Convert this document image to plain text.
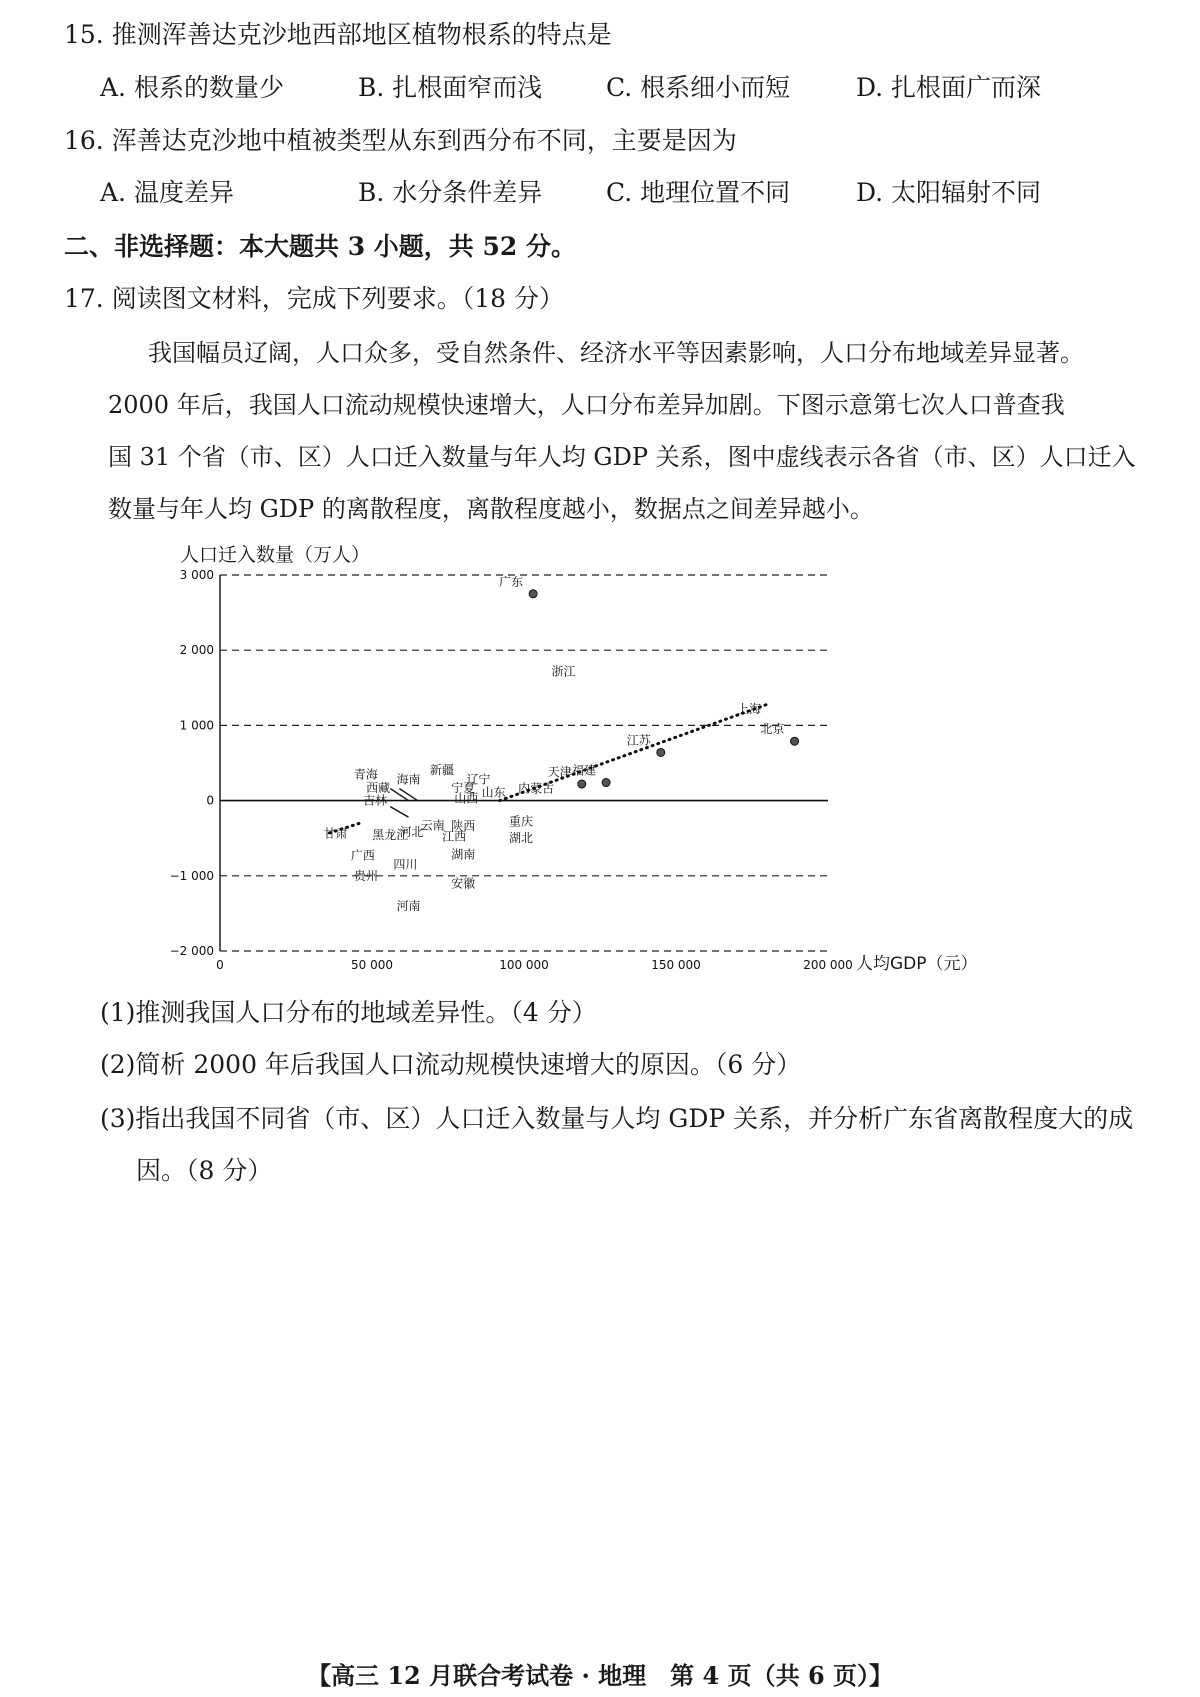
15. 推测浑善达克沙地西部地区植物根系的特点是
A. 根系的数量少	B. 扎根面窄而浅	C. 根系细小而短	D. 扎根面广而深
16. 浑善达克沙地中植被类型从东到西分布不同，主要是因为
A. 温度差异	B. 水分条件差异	C. 地理位置不同	D. 太阳辐射不同
二、非选择题：本大题共 3 小题，共 52 分。
17. 阅读图文材料，完成下列要求。（18 分）
我国幅员辽阔，人口众多，受自然条件、经济水平等因素影响，人口分布地域差异显著。
2000 年后，我国人口流动规模快速增大，人口分布差异加剧。下图示意第七次人口普查我
国 31 个省（市、区）人口迁入数量与年人均 GDP 关系，图中虚线表示各省（市、区）人口迁入
数量与年人均 GDP 的离散程度，离散程度越小，数据点之间差异越小。
3 000
2 000
1 000
0
−1 000
−2 000
0	50 000	100 000	150 000	200 000
广东
浙江
上海
北京
江苏
天津 福建
青海
西藏
吉林
海南
新疆
辽宁
宁夏 山东
山西
内蒙古
重庆
湖北
云南 陕西
江西
湖南
河北
黑龙江
甘肃
广西
四川
贵州
安徽
河南
人口迁入数量（万人）
人均GDP（元）
(1)推测我国人口分布的地域差异性。（4 分）
(2)简析 2000 年后我国人口流动规模快速增大的原因。（6 分）
(3)指出我国不同省（市、区）人口迁入数量与人均 GDP 关系，并分析广东省离散程度大的成
因。（8 分）
【高三 12 月联合考试卷 · 地理　第 4 页（共 6 页）】
